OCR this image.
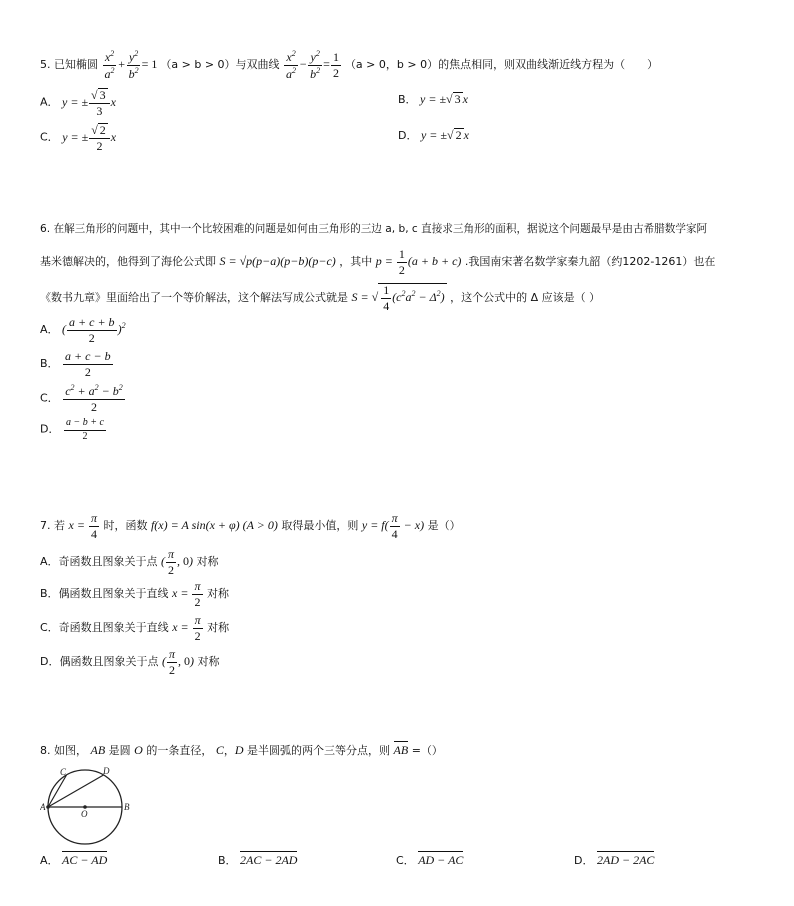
5. 已知椭圆 $\frac{x^2}{a^2} + \frac{y^2}{b^2} = 1$ （a > b > 0）与双曲线 $\frac{x^2}{a^2} - \frac{y^2}{b^2} = \frac{1}{2} (a > 0$，b > 0）的焦点相同，则双曲线渐近线方程为（　　）
A． y = ± $\frac{√ 3}{3}$ x	B． y = ±√ 3 x
C． y = ± $\frac{√ 2}{2}$ x	D． y = ±√ 2 x
6. 在解三角形的问题中，其中一个比较困难的问题是如何由三角形的三边 a, b, c 直接求三角形的面积，据说这个问题最早是由古希腊数学家阿
基米德解决的，他得到了海伦公式即 S = √p(p−a)(p−b)(p−c) ，其中 $p = \frac{1}{2} (a + b + c)$ .我国南宋著名数学家秦九韶（约1202-1261）也在
《数书九章》里面给出了一个等价解法，这个解法写成公式就是 S = √ $\frac{1}{4} (c^2a^2 - \Delta^2)$ ，这个公式中的 Δ 应该是（ ）
A． ( $\frac{a + c + b}{2} )^2$
B． $\frac{a + c - b}{2}$
C． $\frac{c^2 + a^2 - b^2}{2}$
D． $\frac{a - b + c}{2}$
7. 若 $x = \frac{\pi}{4}$ 时，函数 f(x) = A sin(x + φ) (A > 0) 取得最小值，则 $y = f( \frac{\pi}{4} - x)$ 是（）
A．奇函数且图象关于点 ( $\frac{\pi}{2}$ , 0) 对称
B．偶函数且图象关于直线 $x = \frac{\pi}{2}$ 对称
C．奇函数且图象关于直线 $x = \frac{\pi}{2}$ 对称
D．偶函数且图象关于点 ( $\frac{\pi}{2}$ , 0) 对称
8. 如图， AB 是圆 O 的一条直径， C，D 是半圆弧的两个三等分点，则 AB =（）
C	D
A
O
B
A． AC − AD	B． 2AC − 2AD	C． AD − AC	D． 2AD − 2AC
